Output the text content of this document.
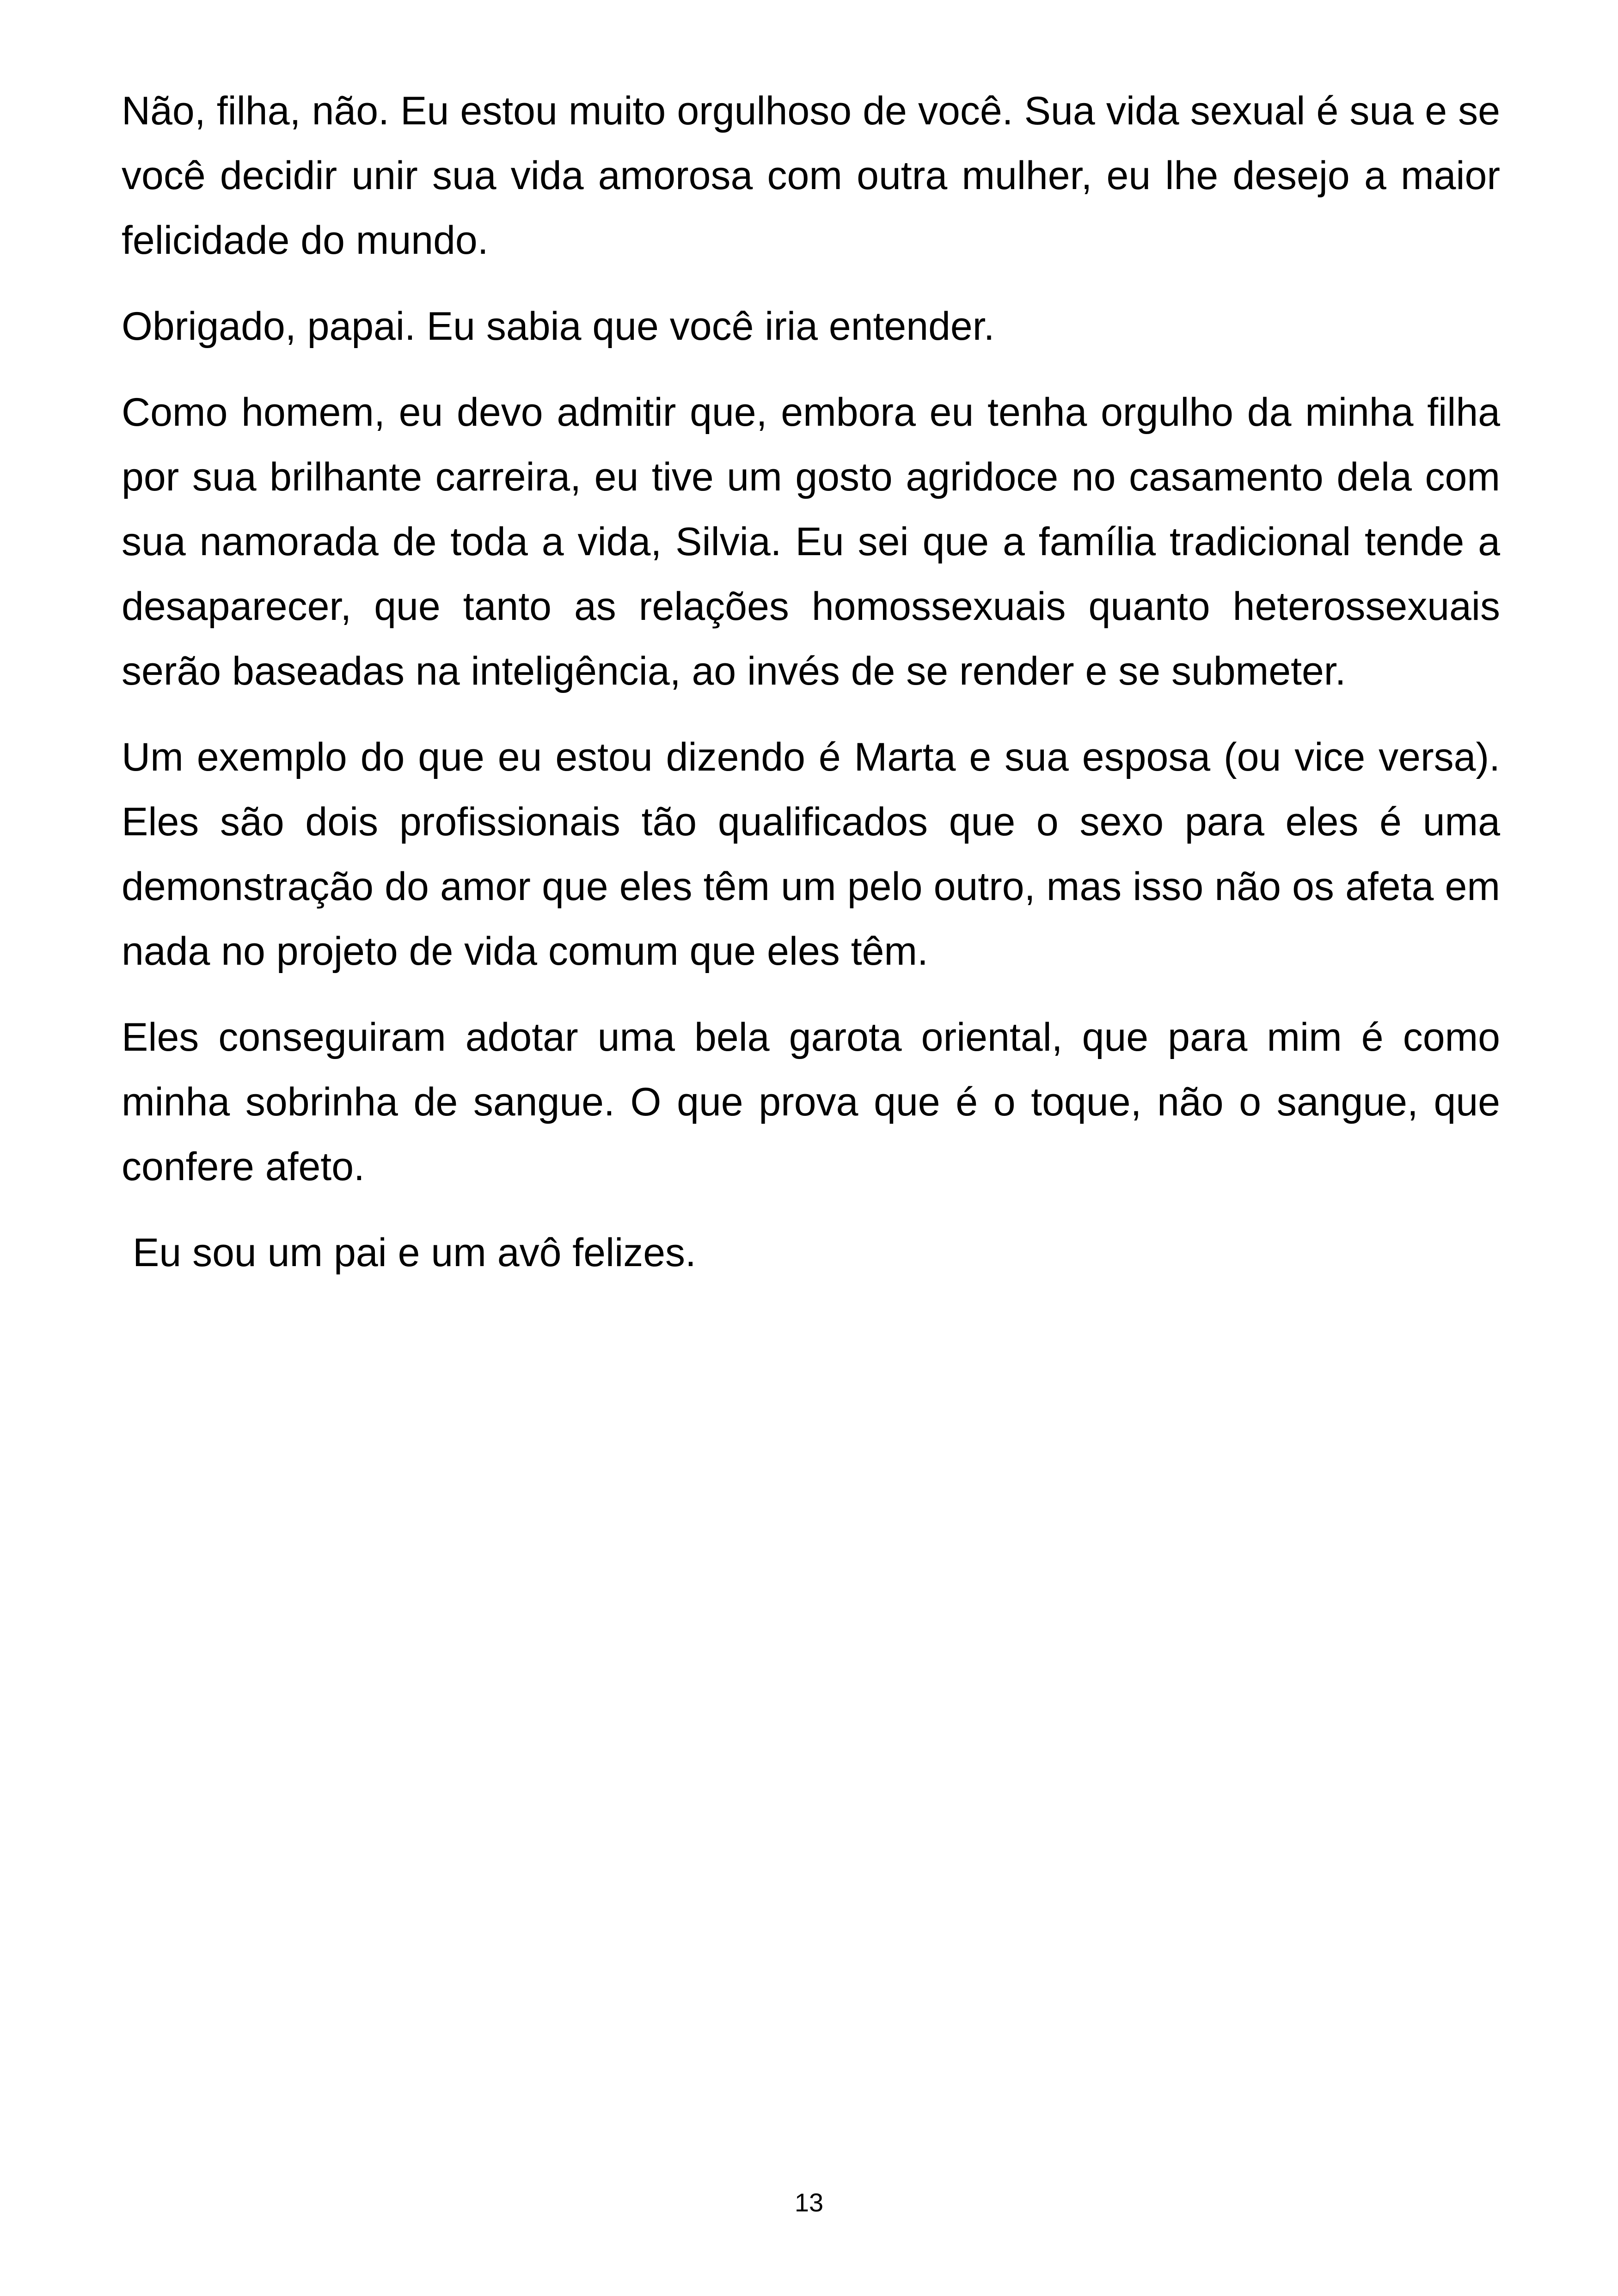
Não, filha, não. Eu estou muito orgulhoso de você. Sua vida sexual é sua e se você decidir unir sua vida amorosa com outra mulher, eu lhe desejo a maior felicidade do mundo.

Obrigado, papai. Eu sabia que você iria entender.

Como homem, eu devo admitir que, embora eu tenha orgulho da minha filha por sua brilhante carreira, eu tive um gosto agridoce no casamento dela com sua namorada de toda a vida, Silvia. Eu sei que a família tradicional tende a desaparecer, que tanto as relações homossexuais quanto heterossexuais serão baseadas na inteligência, ao invés de se render e se submeter.

Um exemplo do que eu estou dizendo é Marta e sua esposa (ou vice versa). Eles são dois profissionais tão qualificados que o sexo para eles é uma demonstração do amor que eles têm um pelo outro, mas isso não os afeta em nada no projeto de vida comum que eles têm.

Eles conseguiram adotar uma bela garota oriental, que para mim é como minha sobrinha de sangue. O que prova que é o toque, não o sangue, que confere afeto.

Eu sou um pai e um avô felizes.

13
